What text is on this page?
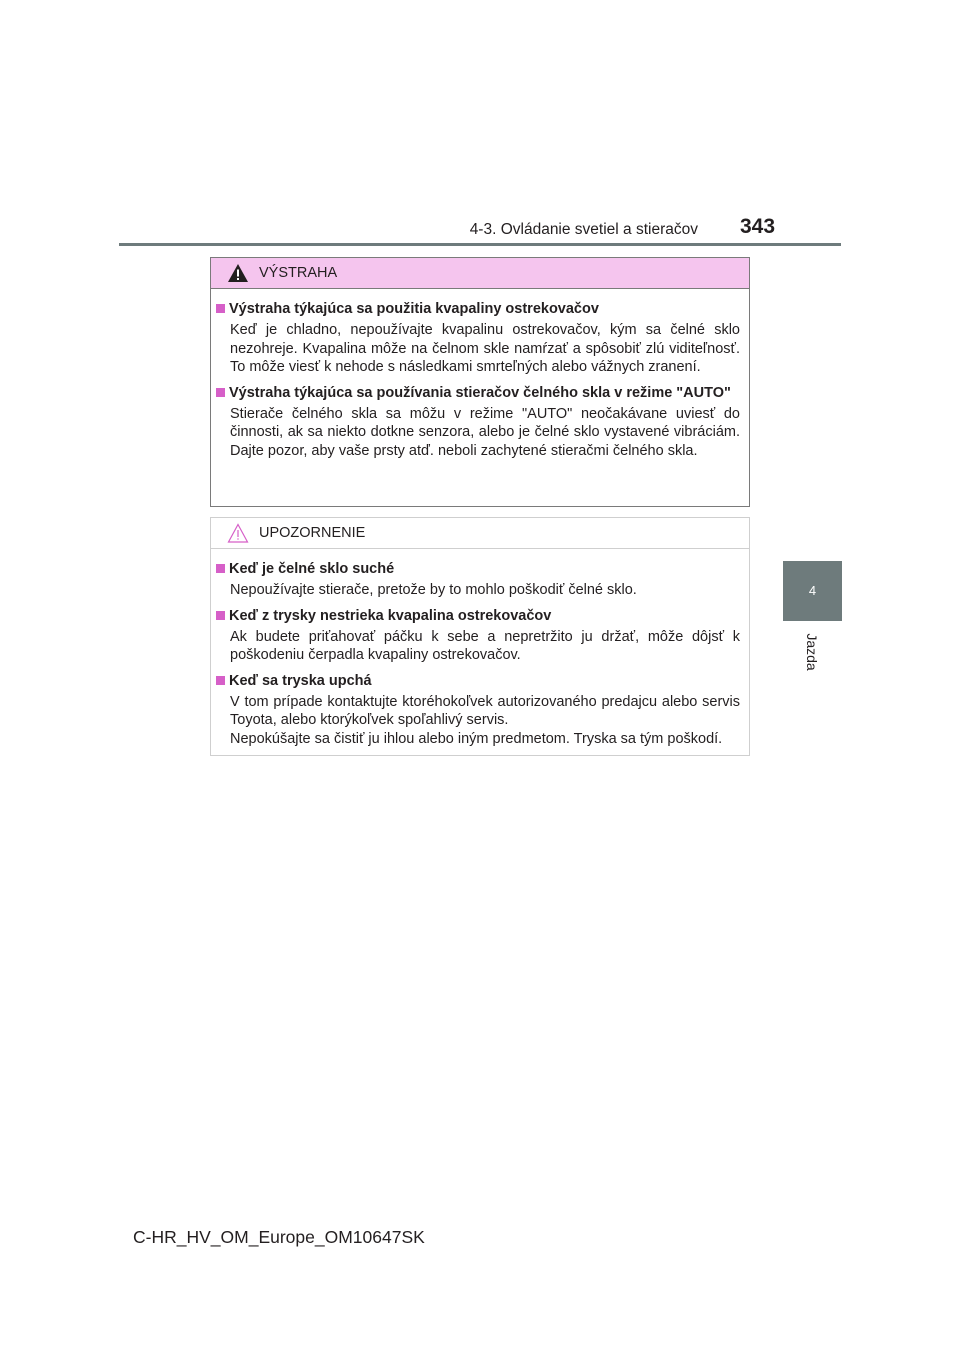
4-3. Ovládanie svetiel a stieračov 343
4
Jazda
VÝSTRAHA
Výstraha týkajúca sa použitia kvapaliny ostrekovačov
Keď je chladno, nepoužívajte kvapalinu ostrekovačov, kým sa čelné sklo nezohreje. Kvapalina môže na čelnom skle namŕzať a spôsobiť zlú viditeľnosť. To môže viesť k nehode s následkami smrteľných alebo vážnych zranení.
Výstraha týkajúca sa používania stieračov čelného skla v režime "AUTO"
Stierače čelného skla sa môžu v režime "AUTO" neočakávane uviesť do činnosti, ak sa niekto dotkne senzora, alebo je čelné sklo vystavené vibráciám. Dajte pozor, aby vaše prsty atď. neboli zachytené stieračmi čelného skla.
UPOZORNENIE
Keď je čelné sklo suché
Nepoužívajte stierače, pretože by to mohlo poškodiť čelné sklo.
Keď z trysky nestrieka kvapalina ostrekovačov
Ak budete priťahovať páčku k sebe a nepretržito ju držať, môže dôjsť k poškodeniu čerpadla kvapaliny ostrekovačov.
Keď sa tryska upchá
V tom prípade kontaktujte ktoréhokoľvek autorizovaného predajcu alebo servis Toyota, alebo ktorýkoľvek spoľahlivý servis.
Nepokúšajte sa čistiť ju ihlou alebo iným predmetom. Tryska sa tým poškodí.
C-HR_HV_OM_Europe_OM10647SK
